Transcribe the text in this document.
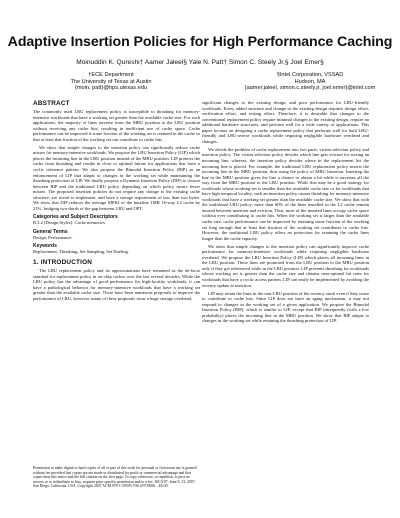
Adaptive Insertion Policies for High Performance Caching
Moinuddin K. Qureshi† Aamer Jaleel§ Yale N. Patt† Simon C. Steely Jr.§ Joel Emer§
†ECE Department
The University of Texas at Austin
{moin, patt}@hps.utexas.edu
§Intel Corporation, VSSAD
Hudson, MA
{aamer.jaleel, simon.c.steely.jr, joel.emer}@intel.com
ABSTRACT

The commonly used LRU replacement policy is susceptible to thrashing for memory-intensive workloads that have a working set greater than the available cache size. For such applications, the majority of lines traverse from the MRU position to the LRU position without receiving any cache hits, resulting in inefficient use of cache space. Cache performance can be improved if some fraction of the working set is retained in the cache so that at least that fraction of the working set can contribute to cache hits.

We show that simple changes to the insertion policy can significantly reduce cache misses for memory-intensive workloads. We propose the LRU Insertion Policy (LIP) which places the incoming line in the LRU position instead of the MRU position. LIP protects the cache from thrashing and results in close to optimal hitrate for applications that have a cyclic reference pattern. We also propose the Bimodal Insertion Policy (BIP) as an enhancement of LIP that adapts to changes in the working set while maintaining the thrashing protection of LIP. We finally propose a Dynamic Insertion Policy (DIP) to choose between BIP and the traditional LRU policy depending on which policy incurs fewer misses. The proposed insertion policies do not require any change to the existing cache structure, are trivial to implement, and have a storage requirement of less than two bytes. We show that DIP reduces the average MPKI of the baseline 1MB 16-way L2 cache by 21%, bridging two-thirds of the gap between LRU and OPT.

Categories and Subject Descriptors

B.3.2 [Design Styles]: Cache memories

General Terms

Design, Performance.

Keywords

Replacement, Thrashing, Set Sampling, Set Dueling.

1. INTRODUCTION

The LRU replacement policy and its approximations have remained as the de-facto standard for replacement policy in on-chip caches over the last several decades. While the LRU policy has the advantage of good performance for high-locality workloads, it can have a pathological behavior for memory-intensive workloads that have a working set greater than the available cache size. There have been numerous proposals to improve the performance of LRU, however, many of these proposals incur a huge storage overhead,

significant changes to the existing design, and poor performance for LRU-friendly workloads. Every added structure and change to the existing design requires design effort, verification effort, and testing effort. Therefore, it is desirable that changes to the conventional replacement policy require minimal changes to the existing design, require no additional hardware structures, and perform well for a wide variety of applications. This paper focuses on designing a cache replacement policy that performs well for both LRU-friendly and LRU-averse workloads while requiring negligible hardware overhead and changes.

We divide the problem of cache replacement into two parts: victim selection policy and insertion policy. The victim selection policy decides which line gets evicted for storing an incoming line, whereas, the insertion policy decides where in the replacement list the incoming line is placed. For example, the traditional LRU replacement policy inserts the incoming line in the MRU position, thus using the policy of MRU Insertion. Inserting the line in the MRU position gives the line a chance to obtain a hit while it traverses all the way from the MRU position to the LRU position. While this may be a good strategy for workloads whose working-set is smaller than the available cache size or for workloads that have high temporal locality, such an insertion policy causes thrashing for memory-intensive workloads that have a working set greater than the available cache size. We show that with the traditional LRU policy, more than 60% of the lines installed in the L2 cache remain unused between insertion and eviction. Thus, most of the inserted lines occupy cache space without ever contributing to cache hits. When the working set is larger than the available cache size, cache performance can be improved by retaining some fraction of the working set long enough that at least that fraction of the working set contributes to cache hits. However, the traditional LRU policy offers no protection for retaining the cache lines longer than the cache capacity.

We show that simple changes to the insertion policy can significantly improve cache performance for memory-intensive workloads while requiring negligible hardware overhead. We propose the LRU Insertion Policy (LIP) which places all incoming lines in the LRU position. These lines are promoted from the LRU position to the MRU position only if they get referenced while in the LRU position. LIP prevents thrashing for workloads whose working set is greater than the cache size and obtains near-optimal hit rates for workloads that have a cyclic access pattern. LIP can easily be implemented by avoiding the recency update at insertion.

LIP may retain the lines in the non-LRU position of the recency stack even if they cease to contribute to cache hits. Since LIP does not have an aging mechanism, it may not respond to changes in the working set of a given application. We propose the Bimodal Insertion Policy (BIP), which is similar to LIP, except that BIP infrequently (with a low probability) places the incoming line in the MRU position. We show that BIP adapts to changes in the working set while retaining the thrashing protection of LIP.

Permission to make digital or hard copies of all or part of this work for personal or classroom use is granted without fee provided that copies are not made or distributed for profit or commercial advantage and that copies bear this notice and the full citation on the first page. To copy otherwise, to republish, to post on servers or to redistribute to lists, requires prior specific permission and/or a fee. ISCA'07, June 9–13, 2007, San Diego, California, USA. Copyright 2007 ACM 978-1-59593-706-3/07/0006 ...$5.00.
